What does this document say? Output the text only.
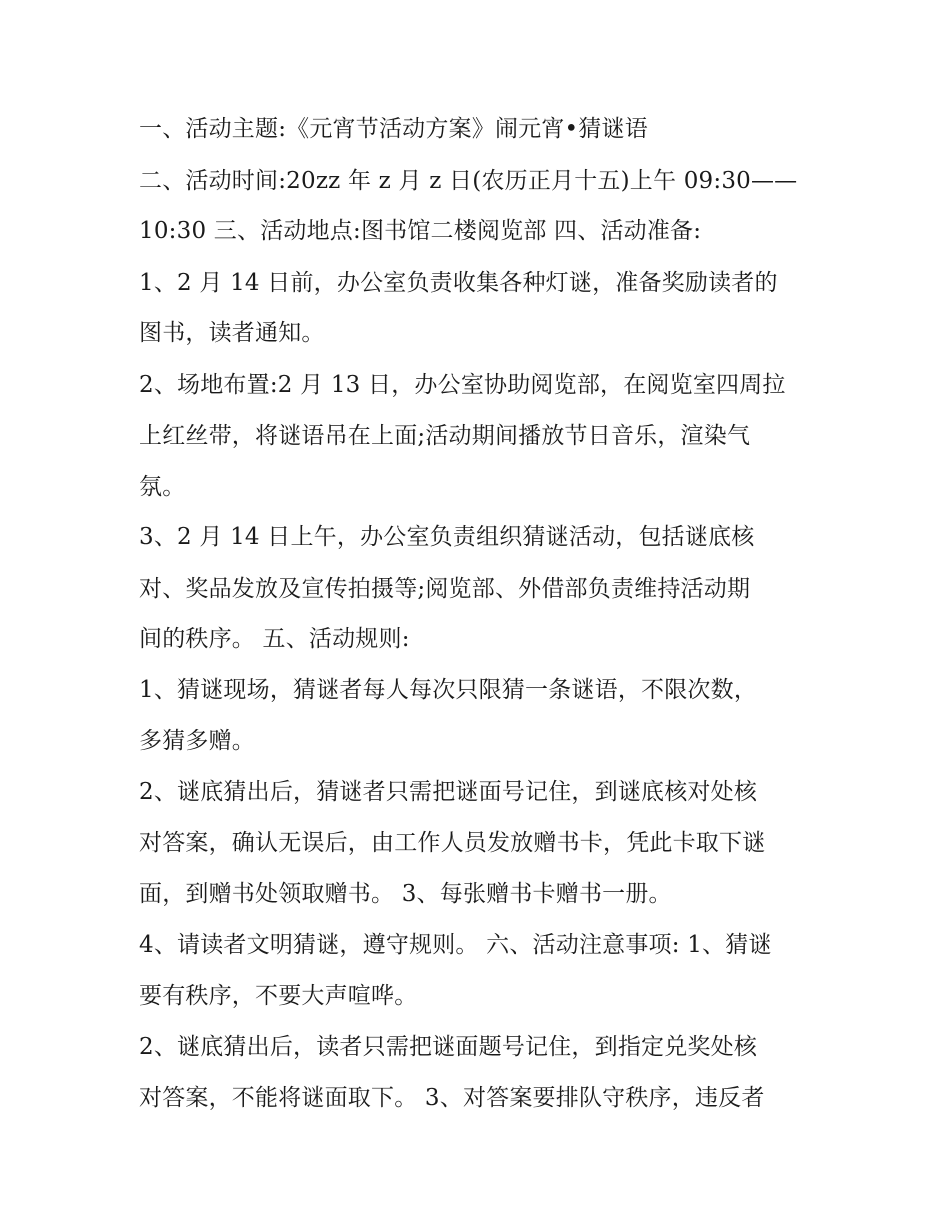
一、活动主题:《元宵节活动方案》闹元宵•猜谜语

二、活动时间:20zz 年 z 月 z 日(农历正月十五)上午 09:30——

10:30 三、活动地点:图书馆二楼阅览部 四、活动准备:

1、2 月 14 日前，办公室负责收集各种灯谜，准备奖励读者的

图书，读者通知。

2、场地布置:2 月 13 日，办公室协助阅览部，在阅览室四周拉

上红丝带，将谜语吊在上面;活动期间播放节日音乐，渲染气

氛。

3、2 月 14 日上午，办公室负责组织猜谜活动，包括谜底核

对、奖品发放及宣传拍摄等;阅览部、外借部负责维持活动期

间的秩序。 五、活动规则:

1、猜谜现场，猜谜者每人每次只限猜一条谜语，不限次数，

多猜多赠。

2、谜底猜出后，猜谜者只需把谜面号记住，到谜底核对处核

对答案，确认无误后，由工作人员发放赠书卡，凭此卡取下谜

面，到赠书处领取赠书。 3、每张赠书卡赠书一册。

4、请读者文明猜谜，遵守规则。 六、活动注意事项: 1、猜谜

要有秩序，不要大声喧哗。

2、谜底猜出后，读者只需把谜面题号记住，到指定兑奖处核

对答案，不能将谜面取下。 3、对答案要排队守秩序，违反者
